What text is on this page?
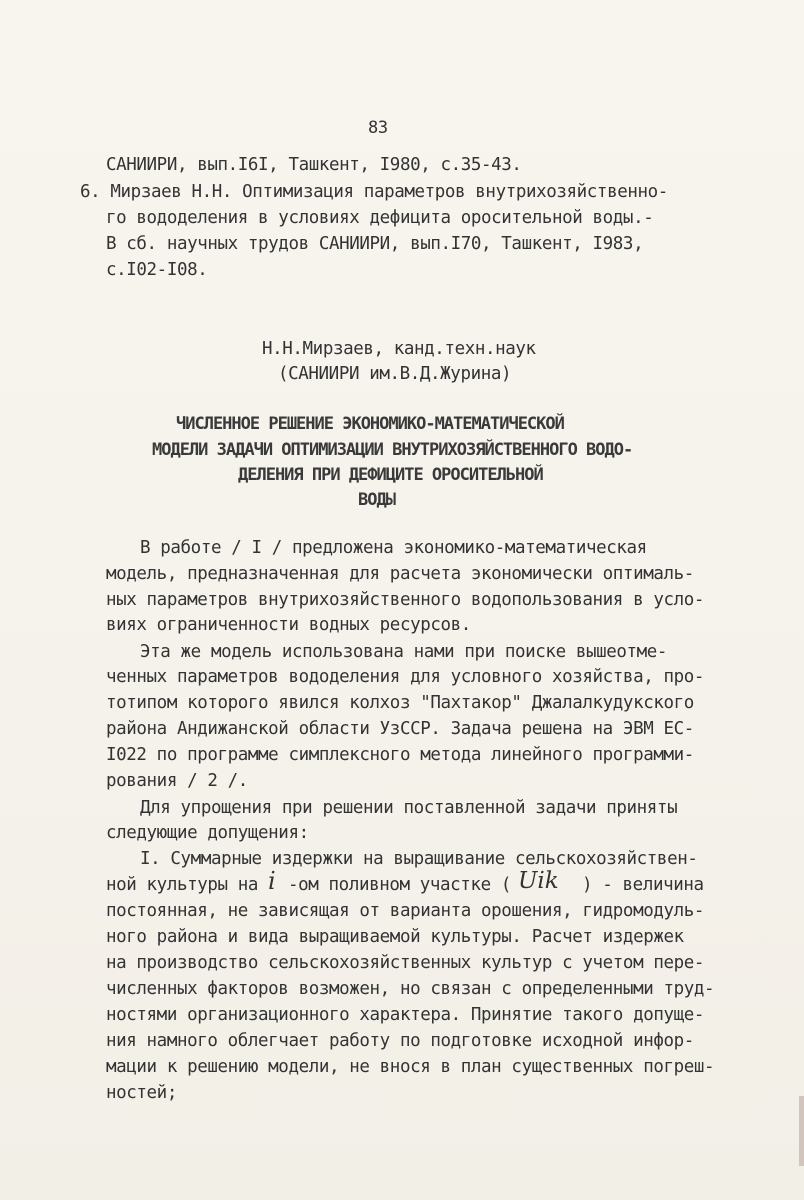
83
САНИИРИ, вып.I6I, Ташкент, I980, с.35-43.
6. Мирзаев Н.Н. Оптимизация параметров внутрихозяйственно-
го вододеления в условиях дефицита оросительной воды.-
В сб. научных трудов САНИИРИ, вып.I70, Ташкент, I983,
с.I02-I08.
Н.Н.Мирзаев, канд.техн.наук
(САНИИРИ им.В.Д.Журина)
ЧИСЛЕННОЕ РЕШЕНИЕ ЭКОНОМИКО-МАТЕМАТИЧЕСКОЙ
МОДЕЛИ ЗАДАЧИ ОПТИМИЗАЦИИ ВНУТРИХОЗЯЙСТВЕННОГО ВОДО-
ДЕЛЕНИЯ ПРИ ДЕФИЦИТЕ ОРОСИТЕЛЬНОЙ
ВОДЫ
В работе / I / предложена экономико-математическая
модель, предназначенная для расчета экономически оптималь-
ных параметров внутрихозяйственного водопользования в усло-
виях ограниченности водных ресурсов.
Эта же модель использована нами при поиске вышеотме-
ченных параметров вододеления для условного хозяйства, про-
тотипом которого явился колхоз "Пахтакор" Джалалкудукского
района Андижанской области УзССР. Задача решена на ЭВМ ЕС-
I022 по программе симплексного метода линейного программи-
рования / 2 /.
Для упрощения при решении поставленной задачи приняты
следующие допущения:
I. Суммарные издержки на выращивание сельскохозяйствен-
ной культуры на i -ом поливном участке ( Uik ) - величина
постоянная, не зависящая от варианта орошения, гидромодуль-
ного района и вида выращиваемой культуры. Расчет издержек
на производство сельскохозяйственных культур с учетом пере-
численных факторов возможен, но связан с определенными труд-
ностями организационного характера. Принятие такого допуще-
ния намного облегчает работу по подготовке исходной инфор-
мации к решению модели, не внося в план существенных погреш-
ностей;
